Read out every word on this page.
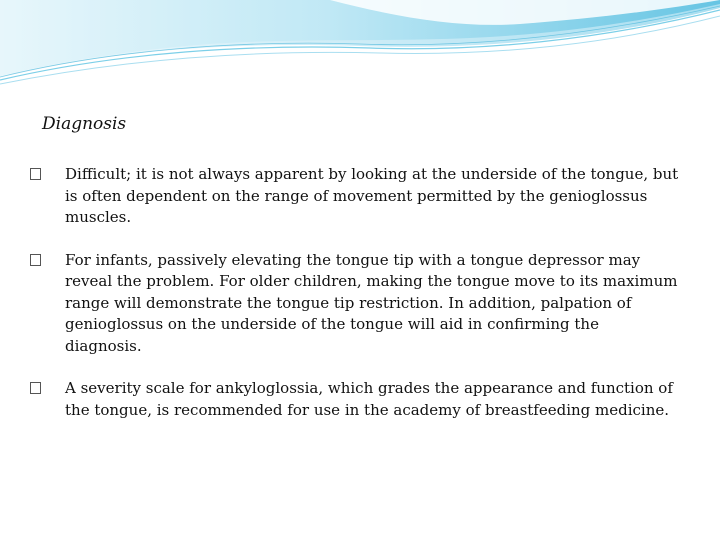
Diagnosis
Difficult; it is not always apparent by looking at the underside of the tongue, but is often dependent on the range of movement permitted by the genioglossus muscles.
For infants, passively elevating the tongue tip with a tongue depressor may reveal the problem. For older children, making the tongue move to its maximum range will demonstrate the tongue tip restriction. In addition, palpation of genioglossus on the underside of the tongue will aid in confirming the diagnosis.
A severity scale for ankyloglossia, which grades the appearance and function of the tongue, is recommended for use in the academy of breastfeeding medicine.
